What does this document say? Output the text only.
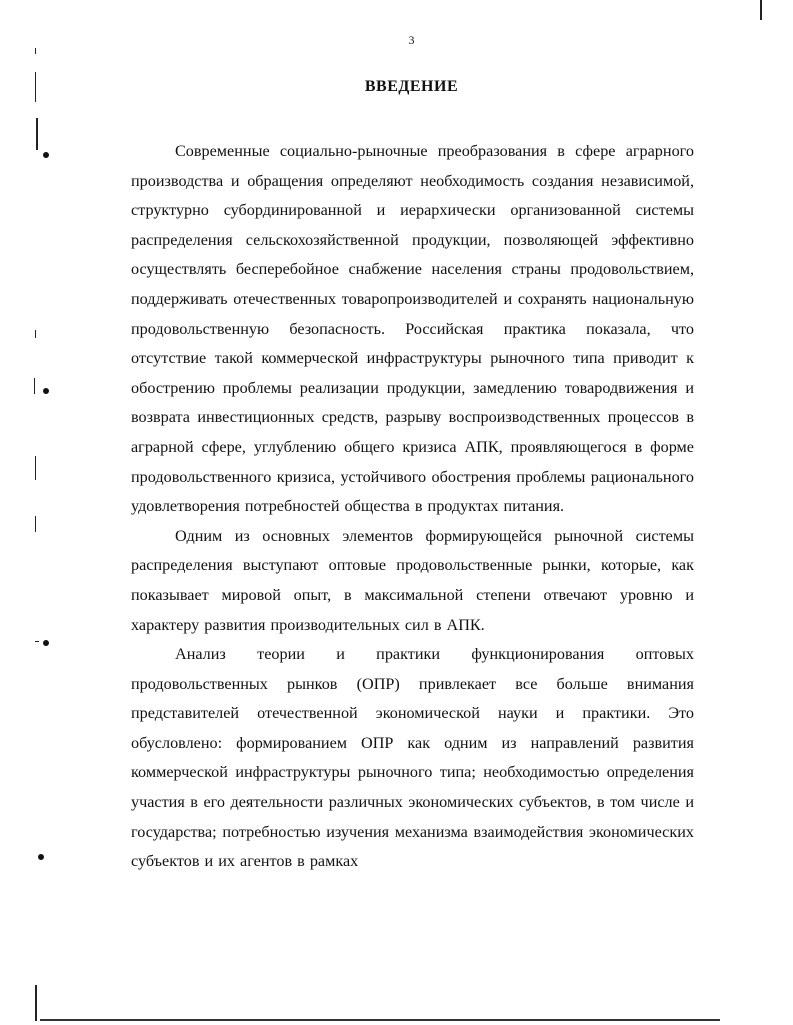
3
ВВЕДЕНИЕ

Современные социально-рыночные преобразования в сфере аграрного производства и обращения определяют необходимость создания независимой, структурно субординированной и иерархически организованной системы распределения сельскохозяйственной продукции, позволяющей эффективно осуществлять бесперебойное снабжение населения страны продовольствием, поддерживать отечественных товаропроизводителей и сохранять национальную продовольственную безопасность. Российская практика показала, что отсутствие такой коммерческой инфраструктуры рыночного типа приводит к обострению проблемы реализации продукции, замедлению товародвижения и возврата инвестиционных средств, разрыву воспроизводственных процессов в аграрной сфере, углублению общего кризиса АПК, проявляющегося в форме продовольственного кризиса, устойчивого обострения проблемы рационального удовлетворения потребностей общества в продуктах питания.

Одним из основных элементов формирующейся рыночной системы распределения выступают оптовые продовольственные рынки, которые, как показывает мировой опыт, в максимальной степени отвечают уровню и характеру развития производительных сил в АПК.

Анализ теории и практики функционирования оптовых продовольственных рынков (ОПР) привлекает все больше внимания представителей отечественной экономической науки и практики. Это обусловлено: формированием ОПР как одним из направлений развития коммерческой инфраструктуры рыночного типа; необходимостью определения участия в его деятельности различных экономических субъектов, в том числе и государства; потребностью изучения механизма взаимодействия экономических субъектов и их агентов в рамках
